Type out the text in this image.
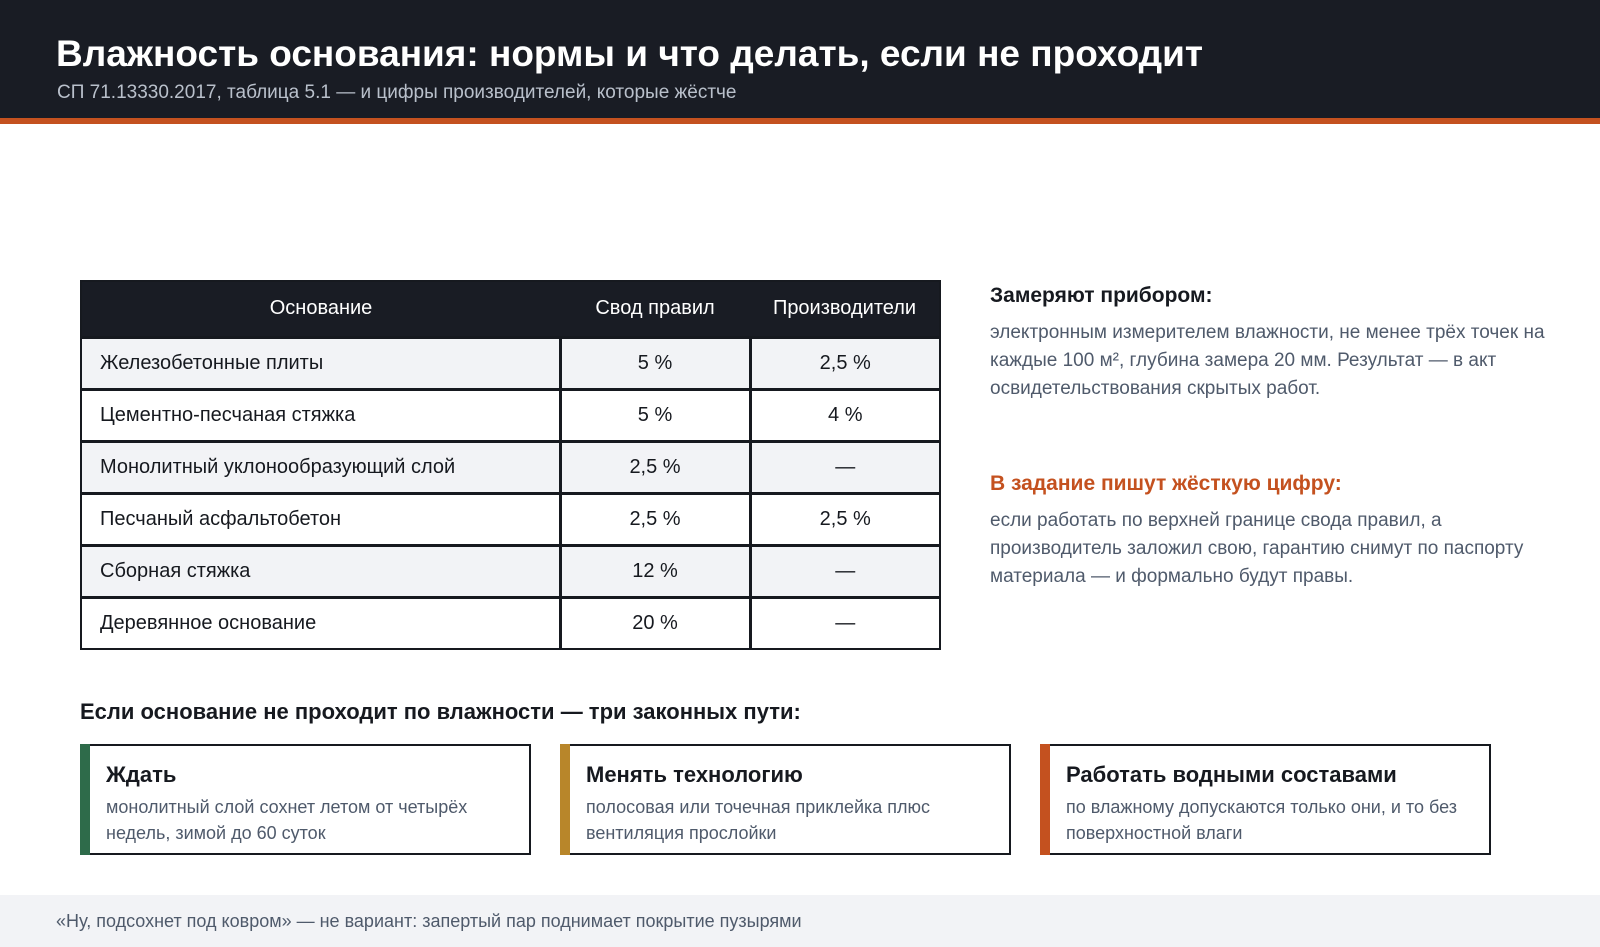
Влажность основания: нормы и что делать, если не проходит
СП 71.13330.2017, таблица 5.1 — и цифры производителей, которые жёстче
Основание	Свод правил	Производители
Железобетонные плиты	5 %	2,5 %
Цементно-песчаная стяжка	5 %	4 %
Монолитный уклонообразующий слой	2,5 %	—
Песчаный асфальтобетон	2,5 %	2,5 %
Сборная стяжка	12 %	—
Деревянное основание	20 %	—
Замеряют прибором:
электронным измерителем влажности, не менее трёх точек на каждые 100 м², глубина замера 20 мм. Результат — в акт освидетельствования скрытых работ.
В задание пишут жёсткую цифру:
если работать по верхней границе свода правил, а производитель заложил свою, гарантию снимут по паспорту материала — и формально будут правы.
Если основание не проходит по влажности — три законных пути:
Ждать
монолитный слой сохнет летом от четырёх недель, зимой до 60 суток
Менять технологию
полосовая или точечная приклейка плюс вентиляция прослойки
Работать водными составами
по влажному допускаются только они, и то без поверхностной влаги
«Ну, подсохнет под ковром» — не вариант: запертый пар поднимает покрытие пузырями
